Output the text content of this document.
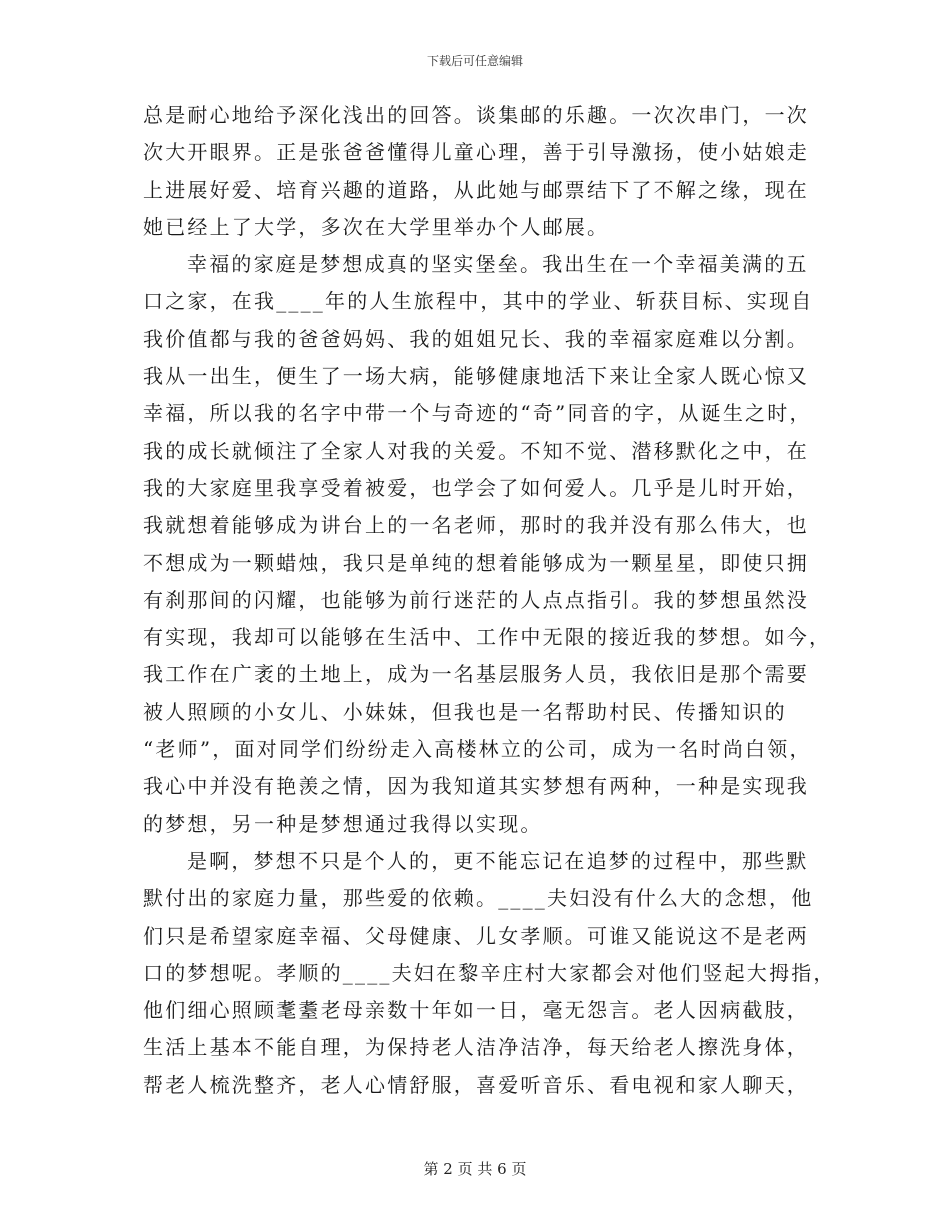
下载后可任意编辑
总是耐心地给予深化浅出的回答。谈集邮的乐趣。一次次串门，一次
次大开眼界。正是张爸爸懂得儿童心理，善于引导激扬，使小姑娘走
上进展好爱、培育兴趣的道路，从此她与邮票结下了不解之缘，现在
她已经上了大学，多次在大学里举办个人邮展。
幸福的家庭是梦想成真的坚实堡垒。我出生在一个幸福美满的五
口之家，在我____年的人生旅程中，其中的学业、斩获目标、实现自
我价值都与我的爸爸妈妈、我的姐姐兄长、我的幸福家庭难以分割。
我从一出生，便生了一场大病，能够健康地活下来让全家人既心惊又
幸福，所以我的名字中带一个与奇迹的“奇”同音的字，从诞生之时，
我的成长就倾注了全家人对我的关爱。不知不觉、潜移默化之中，在
我的大家庭里我享受着被爱，也学会了如何爱人。几乎是儿时开始，
我就想着能够成为讲台上的一名老师，那时的我并没有那么伟大，也
不想成为一颗蜡烛，我只是单纯的想着能够成为一颗星星，即使只拥
有刹那间的闪耀，也能够为前行迷茫的人点点指引。我的梦想虽然没
有实现，我却可以能够在生活中、工作中无限的接近我的梦想。如今，
我工作在广袤的土地上，成为一名基层服务人员，我依旧是那个需要
被人照顾的小女儿、小妹妹，但我也是一名帮助村民、传播知识的
“老师”，面对同学们纷纷走入高楼林立的公司，成为一名时尚白领，
我心中并没有艳羡之情，因为我知道其实梦想有两种，一种是实现我
的梦想，另一种是梦想通过我得以实现。
是啊，梦想不只是个人的，更不能忘记在追梦的过程中，那些默
默付出的家庭力量，那些爱的依赖。____夫妇没有什么大的念想，他
们只是希望家庭幸福、父母健康、儿女孝顺。可谁又能说这不是老两
口的梦想呢。孝顺的____夫妇在黎辛庄村大家都会对他们竖起大拇指，
他们细心照顾耄耋老母亲数十年如一日，毫无怨言。老人因病截肢，
生活上基本不能自理，为保持老人洁净洁净，每天给老人擦洗身体，
帮老人梳洗整齐，老人心情舒服，喜爱听音乐、看电视和家人聊天，
第 2 页 共 6 页
